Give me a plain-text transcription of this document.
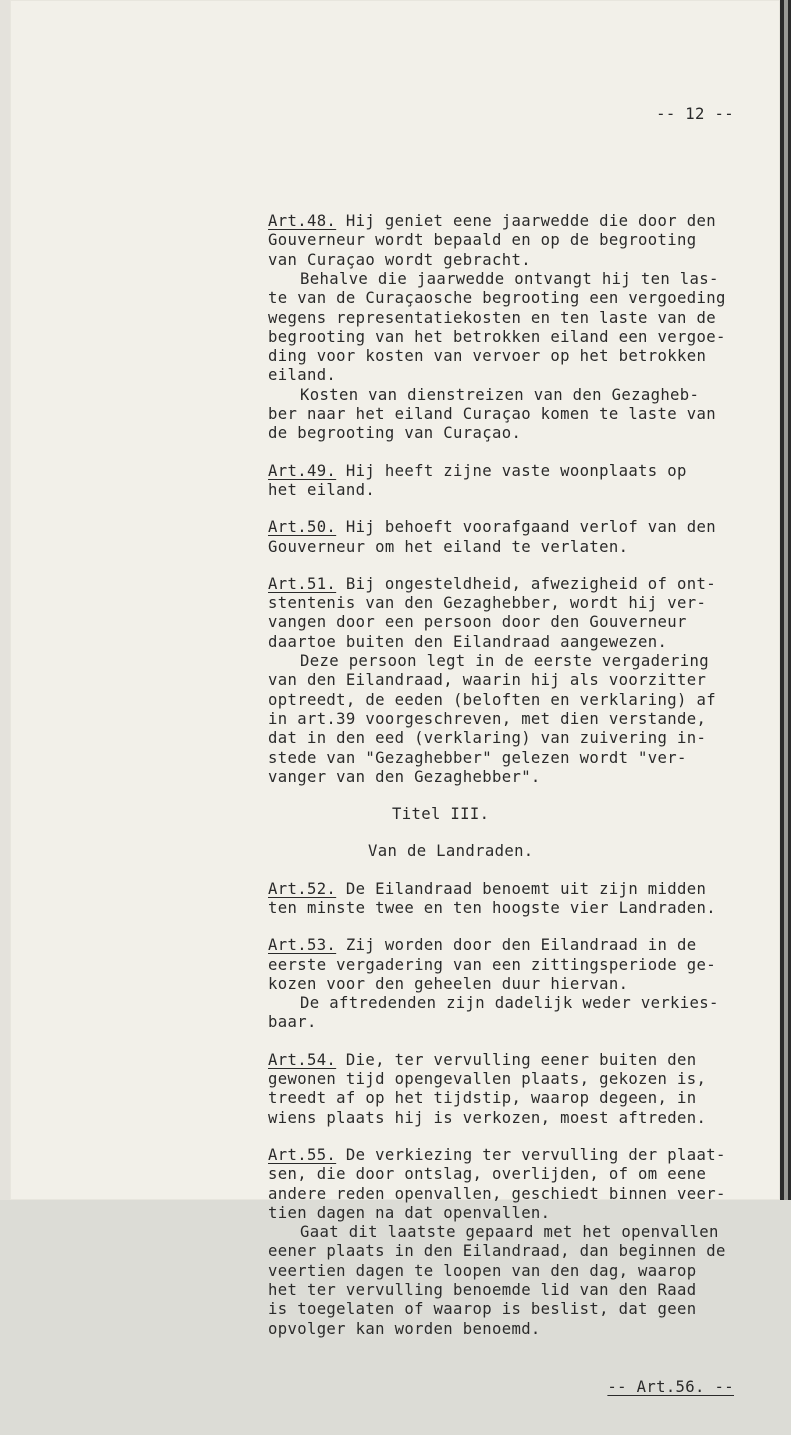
-- 12 --

Art.48. Hij geniet eene jaarwedde die door den
Gouverneur wordt bepaald en op de begrooting
van Curaçao wordt gebracht.
Behalve die jaarwedde ontvangt hij ten las-
te van de Curaçaosche begrooting een vergoeding
wegens representatiekosten en ten laste van de
begrooting van het betrokken eiland een vergoe-
ding voor kosten van vervoer op het betrokken
eiland.
Kosten van dienstreizen van den Gezagheb-
ber naar het eiland Curaçao komen te laste van
de begrooting van Curaçao.
Art.49. Hij heeft zijne vaste woonplaats op
het eiland.
Art.50. Hij behoeft voorafgaand verlof van den
Gouverneur om het eiland te verlaten.
Art.51. Bij ongesteldheid, afwezigheid of ont-
stentenis van den Gezaghebber, wordt hij ver-
vangen door een persoon door den Gouverneur
daartoe buiten den Eilandraad aangewezen.
Deze persoon legt in de eerste vergadering
van den Eilandraad, waarin hij als voorzitter
optreedt, de eeden (beloften en verklaring) af
in art.39 voorgeschreven, met dien verstande,
dat in den eed (verklaring) van zuivering in-
stede van "Gezaghebber" gelezen wordt "ver-
vanger van den Gezaghebber".
Titel III.
Van de Landraden.
Art.52. De Eilandraad benoemt uit zijn midden
ten minste twee en ten hoogste vier Landraden.
Art.53. Zij worden door den Eilandraad in de
eerste vergadering van een zittingsperiode ge-
kozen voor den geheelen duur hiervan.
De aftredenden zijn dadelijk weder verkies-
baar.
Art.54. Die, ter vervulling eener buiten den
gewonen tijd opengevallen plaats, gekozen is,
treedt af op het tijdstip, waarop degeen, in
wiens plaats hij is verkozen, moest aftreden.
Art.55. De verkiezing ter vervulling der plaat-
sen, die door ontslag, overlijden, of om eene
andere reden openvallen, geschiedt binnen veer-
tien dagen na dat openvallen.
Gaat dit laatste gepaard met het openvallen
eener plaats in den Eilandraad, dan beginnen de
veertien dagen te loopen van den dag, waarop
het ter vervulling benoemde lid van den Raad
is toegelaten of waarop is beslist, dat geen
opvolger kan worden benoemd.

-- Art.56. --
